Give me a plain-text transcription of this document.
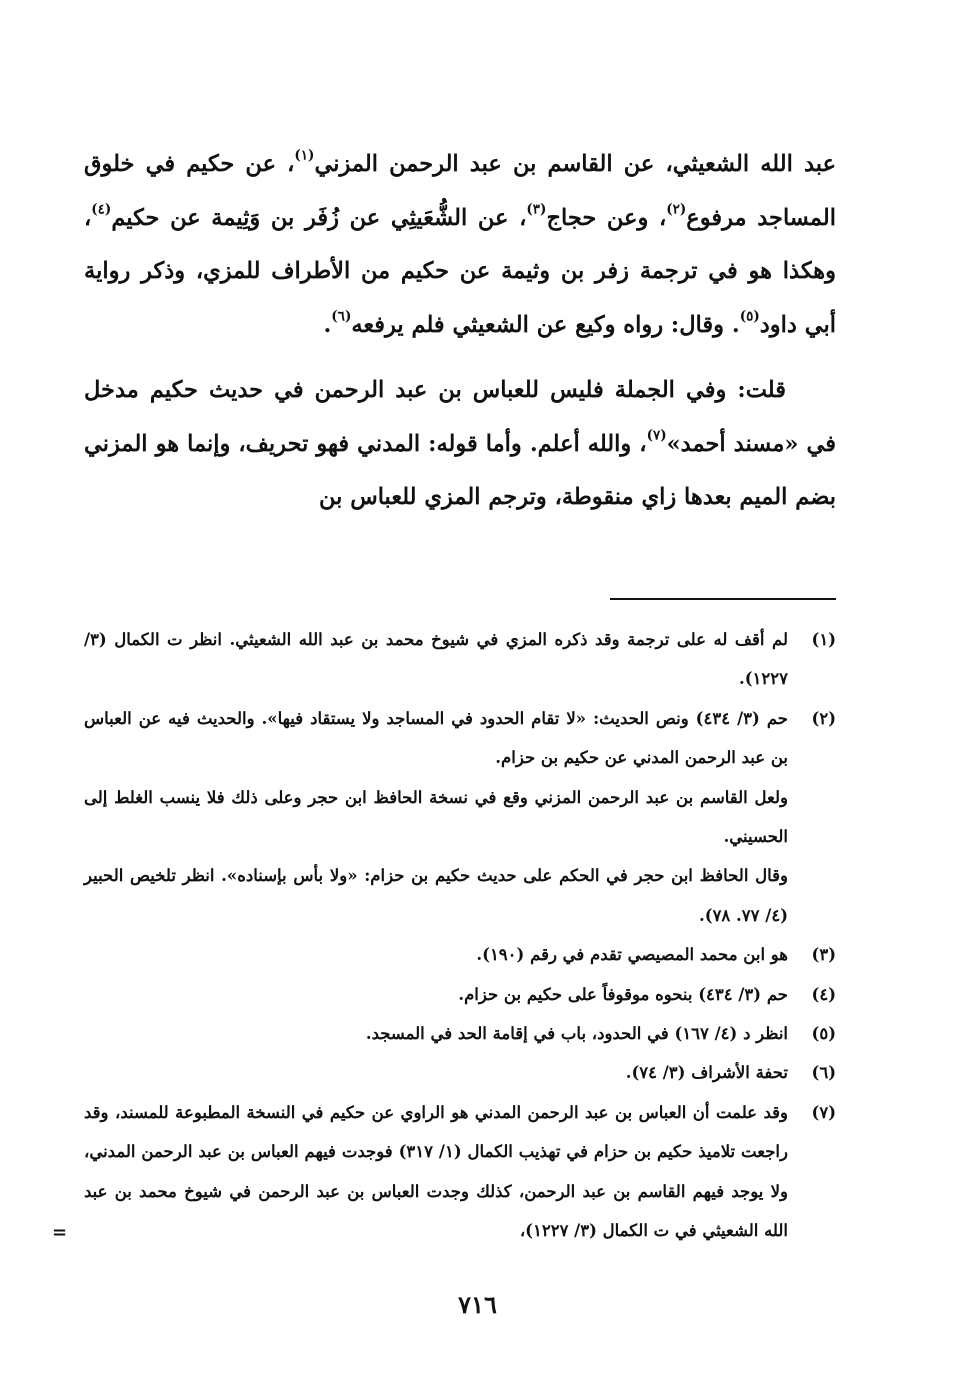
عبد الله الشعيثي، عن القاسم بن عبد الرحمن المزني$^{(١)}$، عن حكيم في خلوق المساجد مرفوع$^{(٢)}$، وعن حجاج$^{(٣)}$، عن الشُّعَيثِي عن زُفَر بن وَثِيمة عن حكيم$^{(٤)}$، وهكذا هو في ترجمة زفر بن وثيمة عن حكيم من الأطراف للمزي، وذكر رواية أبي داود$^{(٥)}$. وقال: رواه وكيع عن الشعيثي فلم يرفعه$^{(٦)}$.

قلت: وفي الجملة فليس للعباس بن عبد الرحمن في حديث حكيم مدخل في «مسند أحمد»$^{(٧)}$، والله أعلم. وأما قوله: المدني فهو تحريف، وإنما هو المزني بضم الميم بعدها زاي منقوطة، وترجم المزي للعباس بن

(١)

لم أقف له على ترجمة وقد ذكره المزي في شيوخ محمد بن عبد الله الشعيثي. انظر ت الكمال (٣/ ١٢٢٧).

(٢)

حم (٣/ ٤٣٤) ونص الحديث: «لا تقام الحدود في المساجد ولا يستقاد فيها». والحديث فيه عن العباس بن عبد الرحمن المدني عن حكيم بن حزام.

ولعل القاسم بن عبد الرحمن المزني وقع في نسخة الحافظ ابن حجر وعلى ذلك فلا ينسب الغلط إلى الحسيني.

وقال الحافظ ابن حجر في الحكم على حديث حكيم بن حزام: «ولا بأس بإسناده». انظر تلخيص الحبير (٤/ ٧٧. ٧٨).

(٣)

هو ابن محمد المصيصي تقدم في رقم (١٩٠).

(٤)

حم (٣/ ٤٣٤) بنحوه موقوفاً على حكيم بن حزام.

(٥)

انظر د (٤/ ١٦٧) في الحدود، باب في إقامة الحد في المسجد.

(٦)

تحفة الأشراف (٣/ ٧٤).

(٧)

وقد علمت أن العباس بن عبد الرحمن المدني هو الراوي عن حكيم في النسخة المطبوعة للمسند، وقد راجعت تلاميذ حكيم بن حزام في تهذيب الكمال (١/ ٣١٧) فوجدت فيهم العباس بن عبد الرحمن المدني، ولا يوجد فيهم القاسم بن عبد الرحمن، كذلك وجدت العباس بن عبد الرحمن في شيوخ محمد بن عبد الله الشعيثي في ت الكمال (٣/ ١٢٢٧)،

=
٧١٦
